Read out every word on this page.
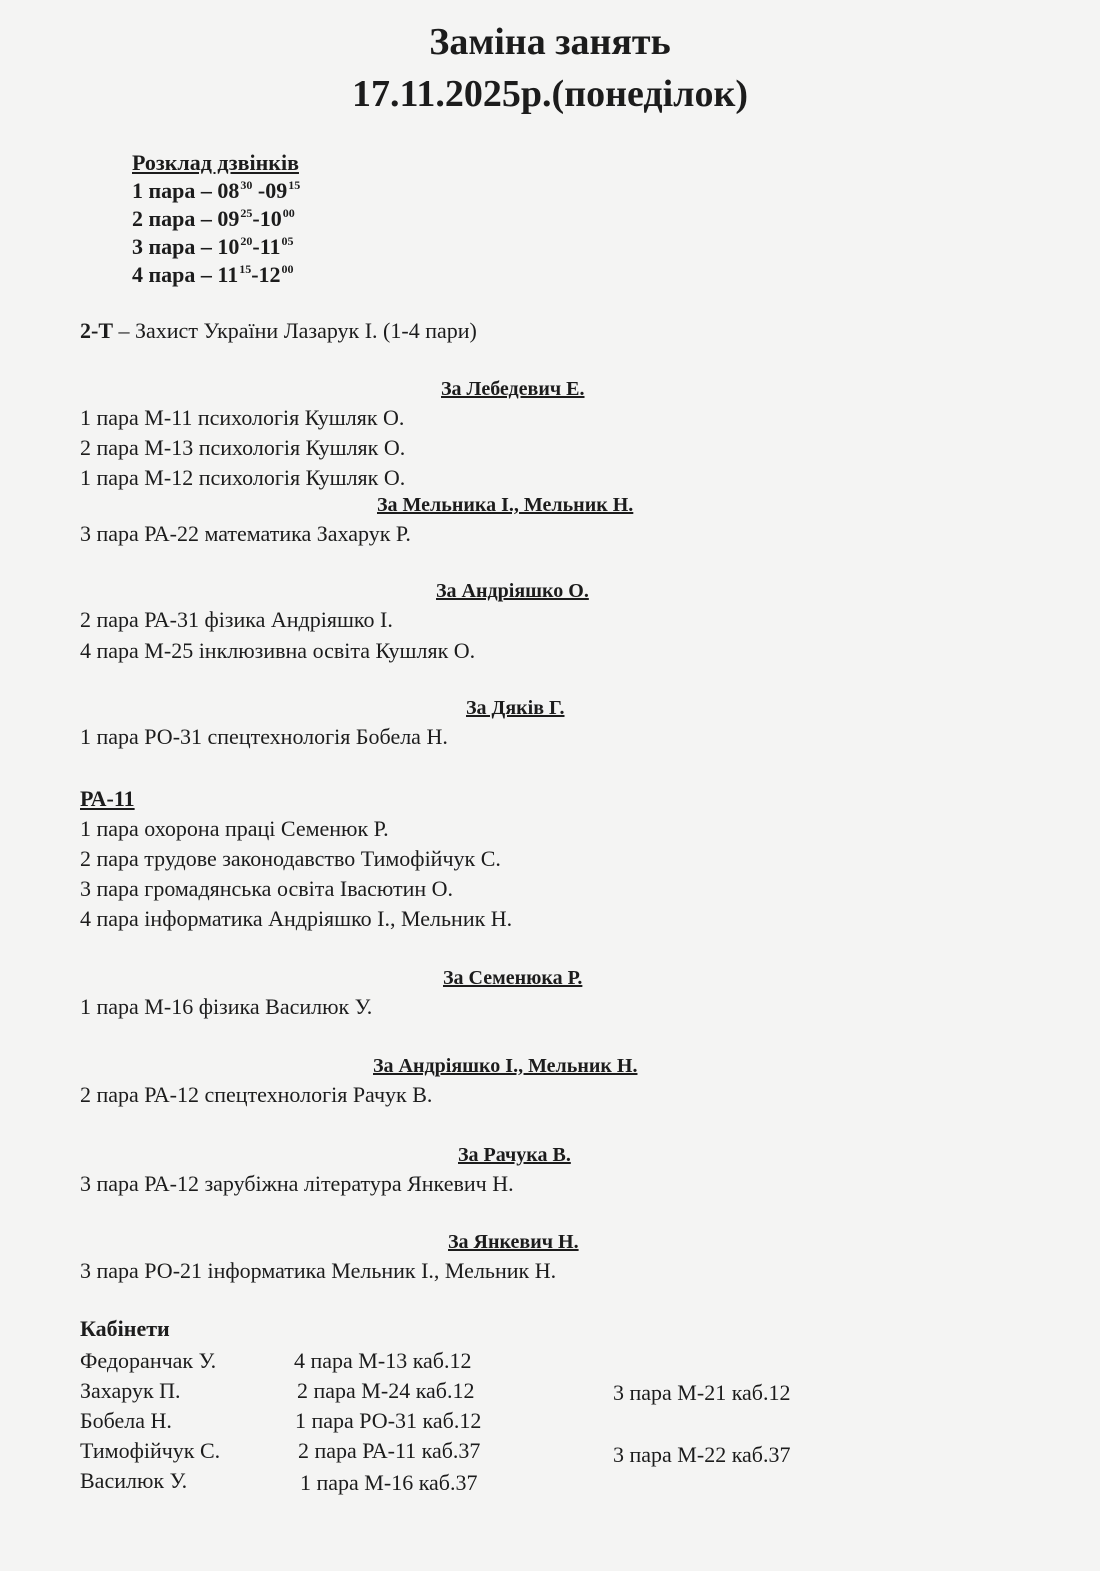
Заміна занять
17.11.2025р.(понеділок)
Розклад дзвінків
1 пара – $08^{30}$ $-09^{15}$
2 пара – $09^{25}-10^{00}$
3 пара – $10^{20}-11^{05}$
4 пара – $11^{15}-12^{00}$
2-Т – Захист України Лазарук І. (1-4 пари)
За Лебедевич Е.
1 пара М-11 психологія Кушляк О.
2 пара М-13 психологія Кушляк О.
1 пара М-12 психологія Кушляк О.
За Мельника І., Мельник Н.
3 пара РА-22 математика Захарук Р.
За Андріяшко О.
2 пара РА-31 фізика Андріяшко І.
4 пара М-25 інклюзивна освіта Кушляк О.
За Дяків Г.
1 пара РО-31 спецтехнологія Бобела Н.
РА-11
1 пара охорона праці Семенюк Р.
2 пара трудове законодавство Тимофійчук С.
3 пара громадянська освіта Івасютин О.
4 пара інформатика Андріяшко І., Мельник Н.
За Семенюка Р.
1 пара М-16 фізика Василюк У.
За Андріяшко І., Мельник Н.
2 пара РА-12 спецтехнологія Рачук В.
За Рачука В.
3 пара РА-12 зарубіжна література Янкевич Н.
За Янкевич Н.
3 пара РО-21 інформатика Мельник І., Мельник Н.
Кабінети
Федоранчак У.	4 пара М-13 каб.12
Захарук П.	2 пара М-24 каб.12	3 пара М-21 каб.12
Бобела Н.	1 пара РО-31 каб.12
Тимофійчук С.	2 пара РА-11 каб.37	3 пара М-22 каб.37
Василюк У.	1 пара М-16 каб.37
